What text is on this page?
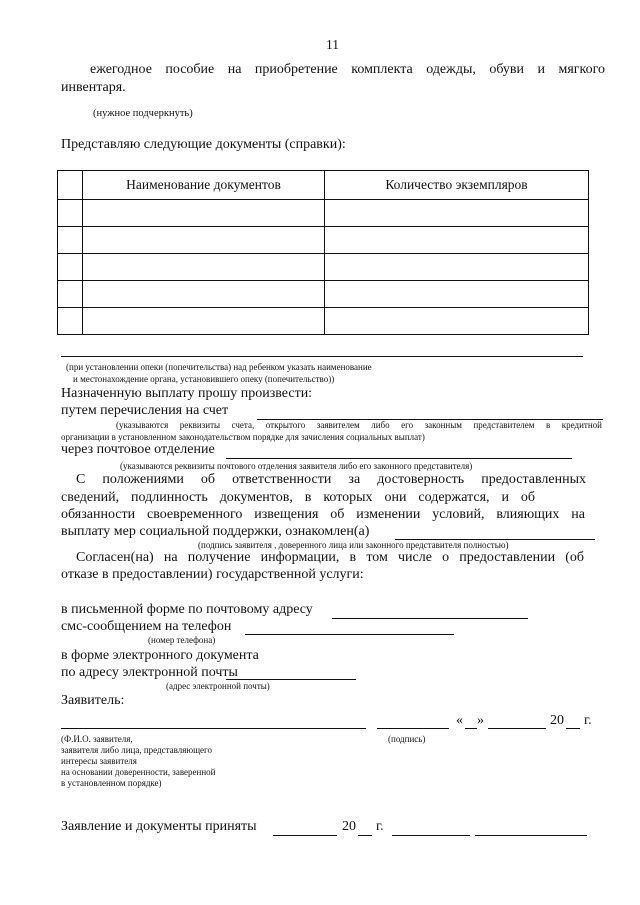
11
ежегодное пособие на приобретение комплекта одежды, обуви и мягкого
инвентаря.
(нужное подчеркнуть)
Представляю следующие документы (справки):
	Наименование документов	Количество экземпляров

(при установлении опеки (попечительства) над ребенком указать наименование
и местонахождение органа, установившего опеку (попечительство))
Назначенную выплату прошу произвести:
путем перечисления на счет
(указываются реквизиты счета, открытого заявителем либо его законным представителем в кредитной
организации в установленном законодательством порядке для зачисления социальных выплат)
через почтовое отделение
(указываются реквизиты почтового отделения заявителя либо его законного представителя)
С положениями об ответственности за достоверность предоставленных
сведений, подлинность документов, в которых они содержатся, и об
обязанности своевременного извещения об изменении условий, влияющих на
выплату мер социальной поддержки, ознакомлен(а)
(подпись заявителя , доверенного лица или законного представителя полностью)
Согласен(на) на получение информации, в том числе о предоставлении (об
отказе в предоставлении) государственной услуги:
в письменной форме по почтовому адресу
смс-сообщением на телефон
(номер телефона)
в форме электронного документа
по адресу электронной почты
(адрес электронной почты)
Заявитель:
« »	20 г.
(Ф.И.О. заявителя,
заявителя либо лица, представляющего
интересы заявителя
на основании доверенности, заверенной
в установленном порядке)
(подпись)
Заявление и документы приняты	20 г.
